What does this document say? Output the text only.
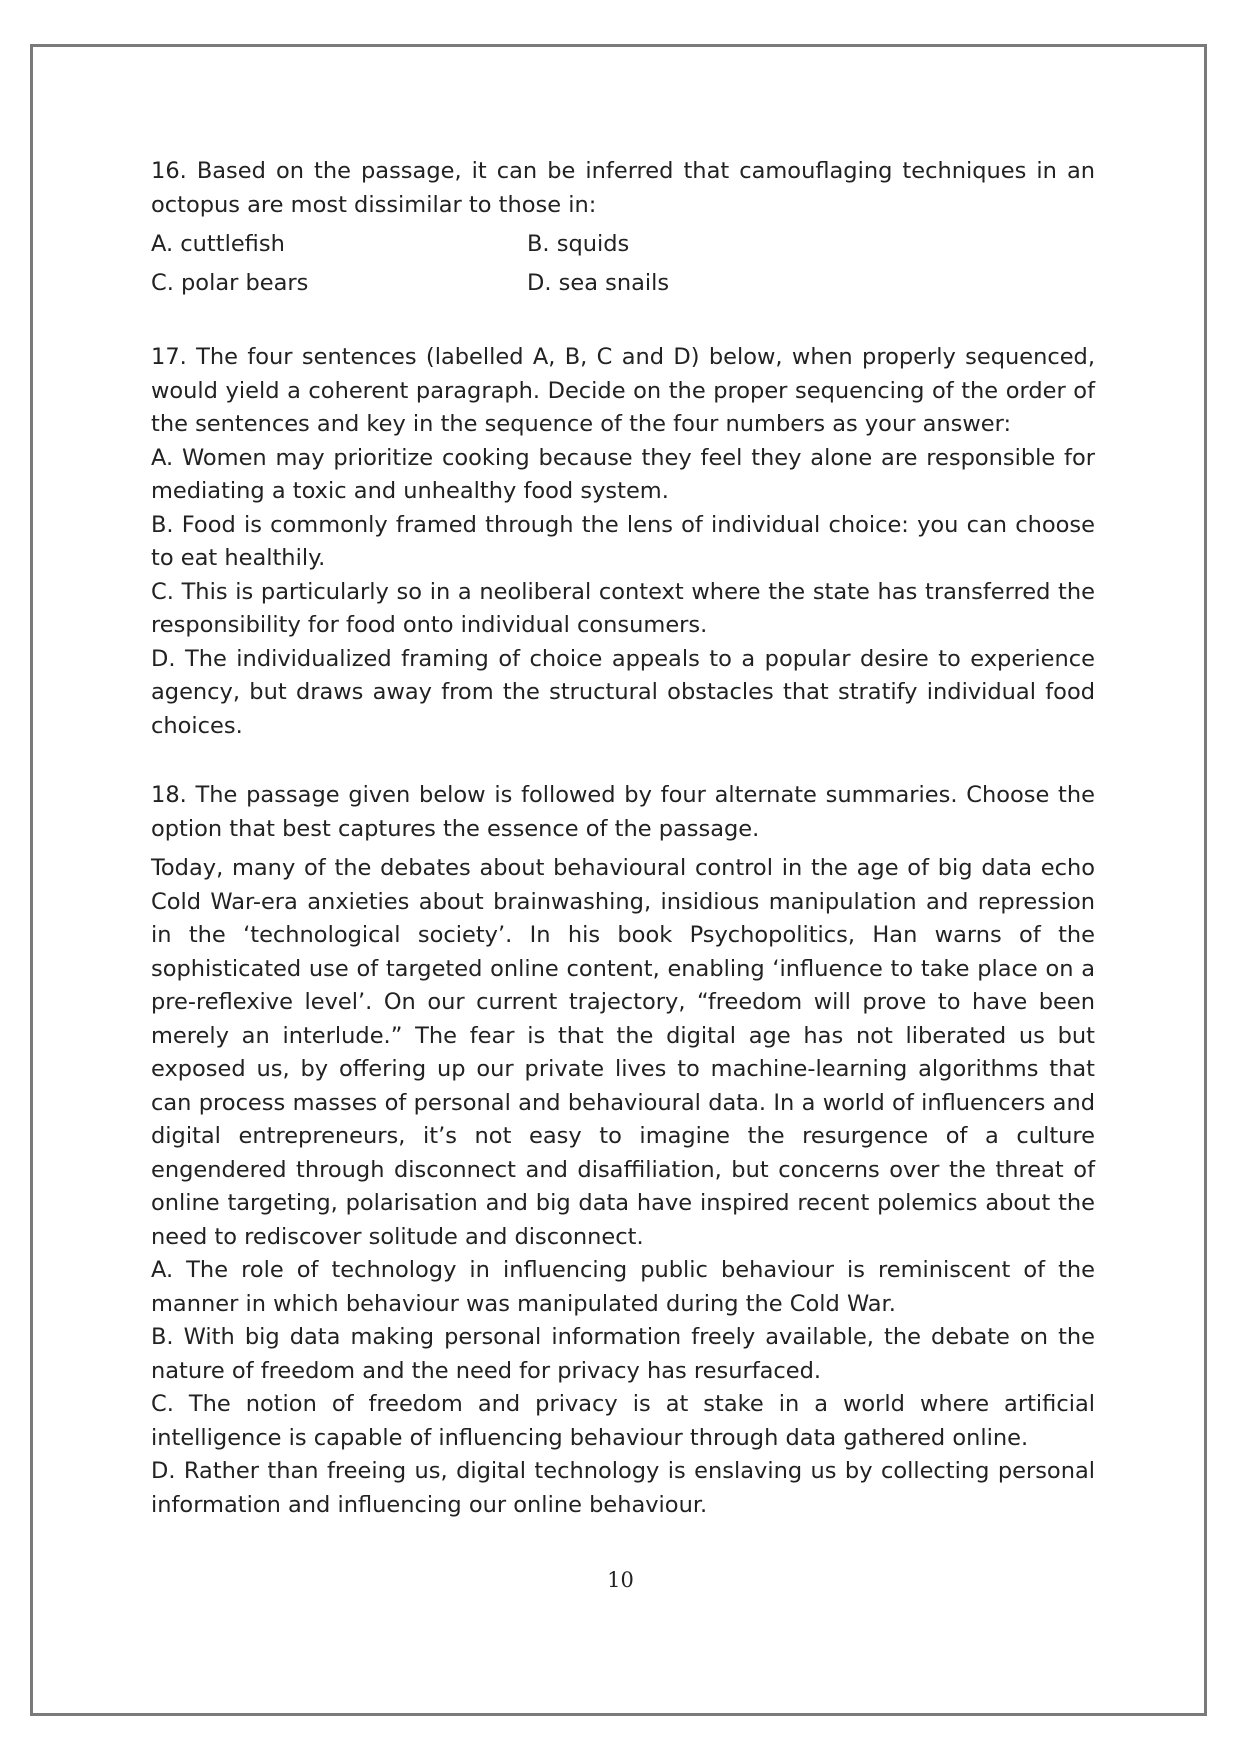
16. Based on the passage, it can be inferred that camouflaging techniques in an octopus are most dissimilar to those in:

A. cuttlefish	B. squids
C. polar bears	D. sea snails

17. The four sentences (labelled A, B, C and D) below, when properly sequenced, would yield a coherent paragraph. Decide on the proper sequencing of the order of the sentences and key in the sequence of the four numbers as your answer:

A. Women may prioritize cooking because they feel they alone are responsible for mediating a toxic and unhealthy food system.

B. Food is commonly framed through the lens of individual choice: you can choose to eat healthily.

C. This is particularly so in a neoliberal context where the state has transferred the responsibility for food onto individual consumers.

D. The individualized framing of choice appeals to a popular desire to experience agency, but draws away from the structural obstacles that stratify individual food choices.

18. The passage given below is followed by four alternate summaries. Choose the option that best captures the essence of the passage.

Today, many of the debates about behavioural control in the age of big data echo Cold War-era anxieties about brainwashing, insidious manipulation and repression in the ‘technological society’. In his book Psychopolitics, Han warns of the sophisticated use of targeted online content, enabling ‘influence to take place on a pre-reflexive level’. On our current trajectory, “freedom will prove to have been merely an interlude.” The fear is that the digital age has not liberated us but exposed us, by offering up our private lives to machine-learning algorithms that can process masses of personal and behavioural data. In a world of influencers and digital entrepreneurs, it’s not easy to imagine the resurgence of a culture engendered through disconnect and disaffiliation, but concerns over the threat of online targeting, polarisation and big data have inspired recent polemics about the need to rediscover solitude and disconnect.

A. The role of technology in influencing public behaviour is reminiscent of the manner in which behaviour was manipulated during the Cold War.

B. With big data making personal information freely available, the debate on the nature of freedom and the need for privacy has resurfaced.

C. The notion of freedom and privacy is at stake in a world where artificial intelligence is capable of influencing behaviour through data gathered online.

D. Rather than freeing us, digital technology is enslaving us by collecting personal information and influencing our online behaviour.

10
